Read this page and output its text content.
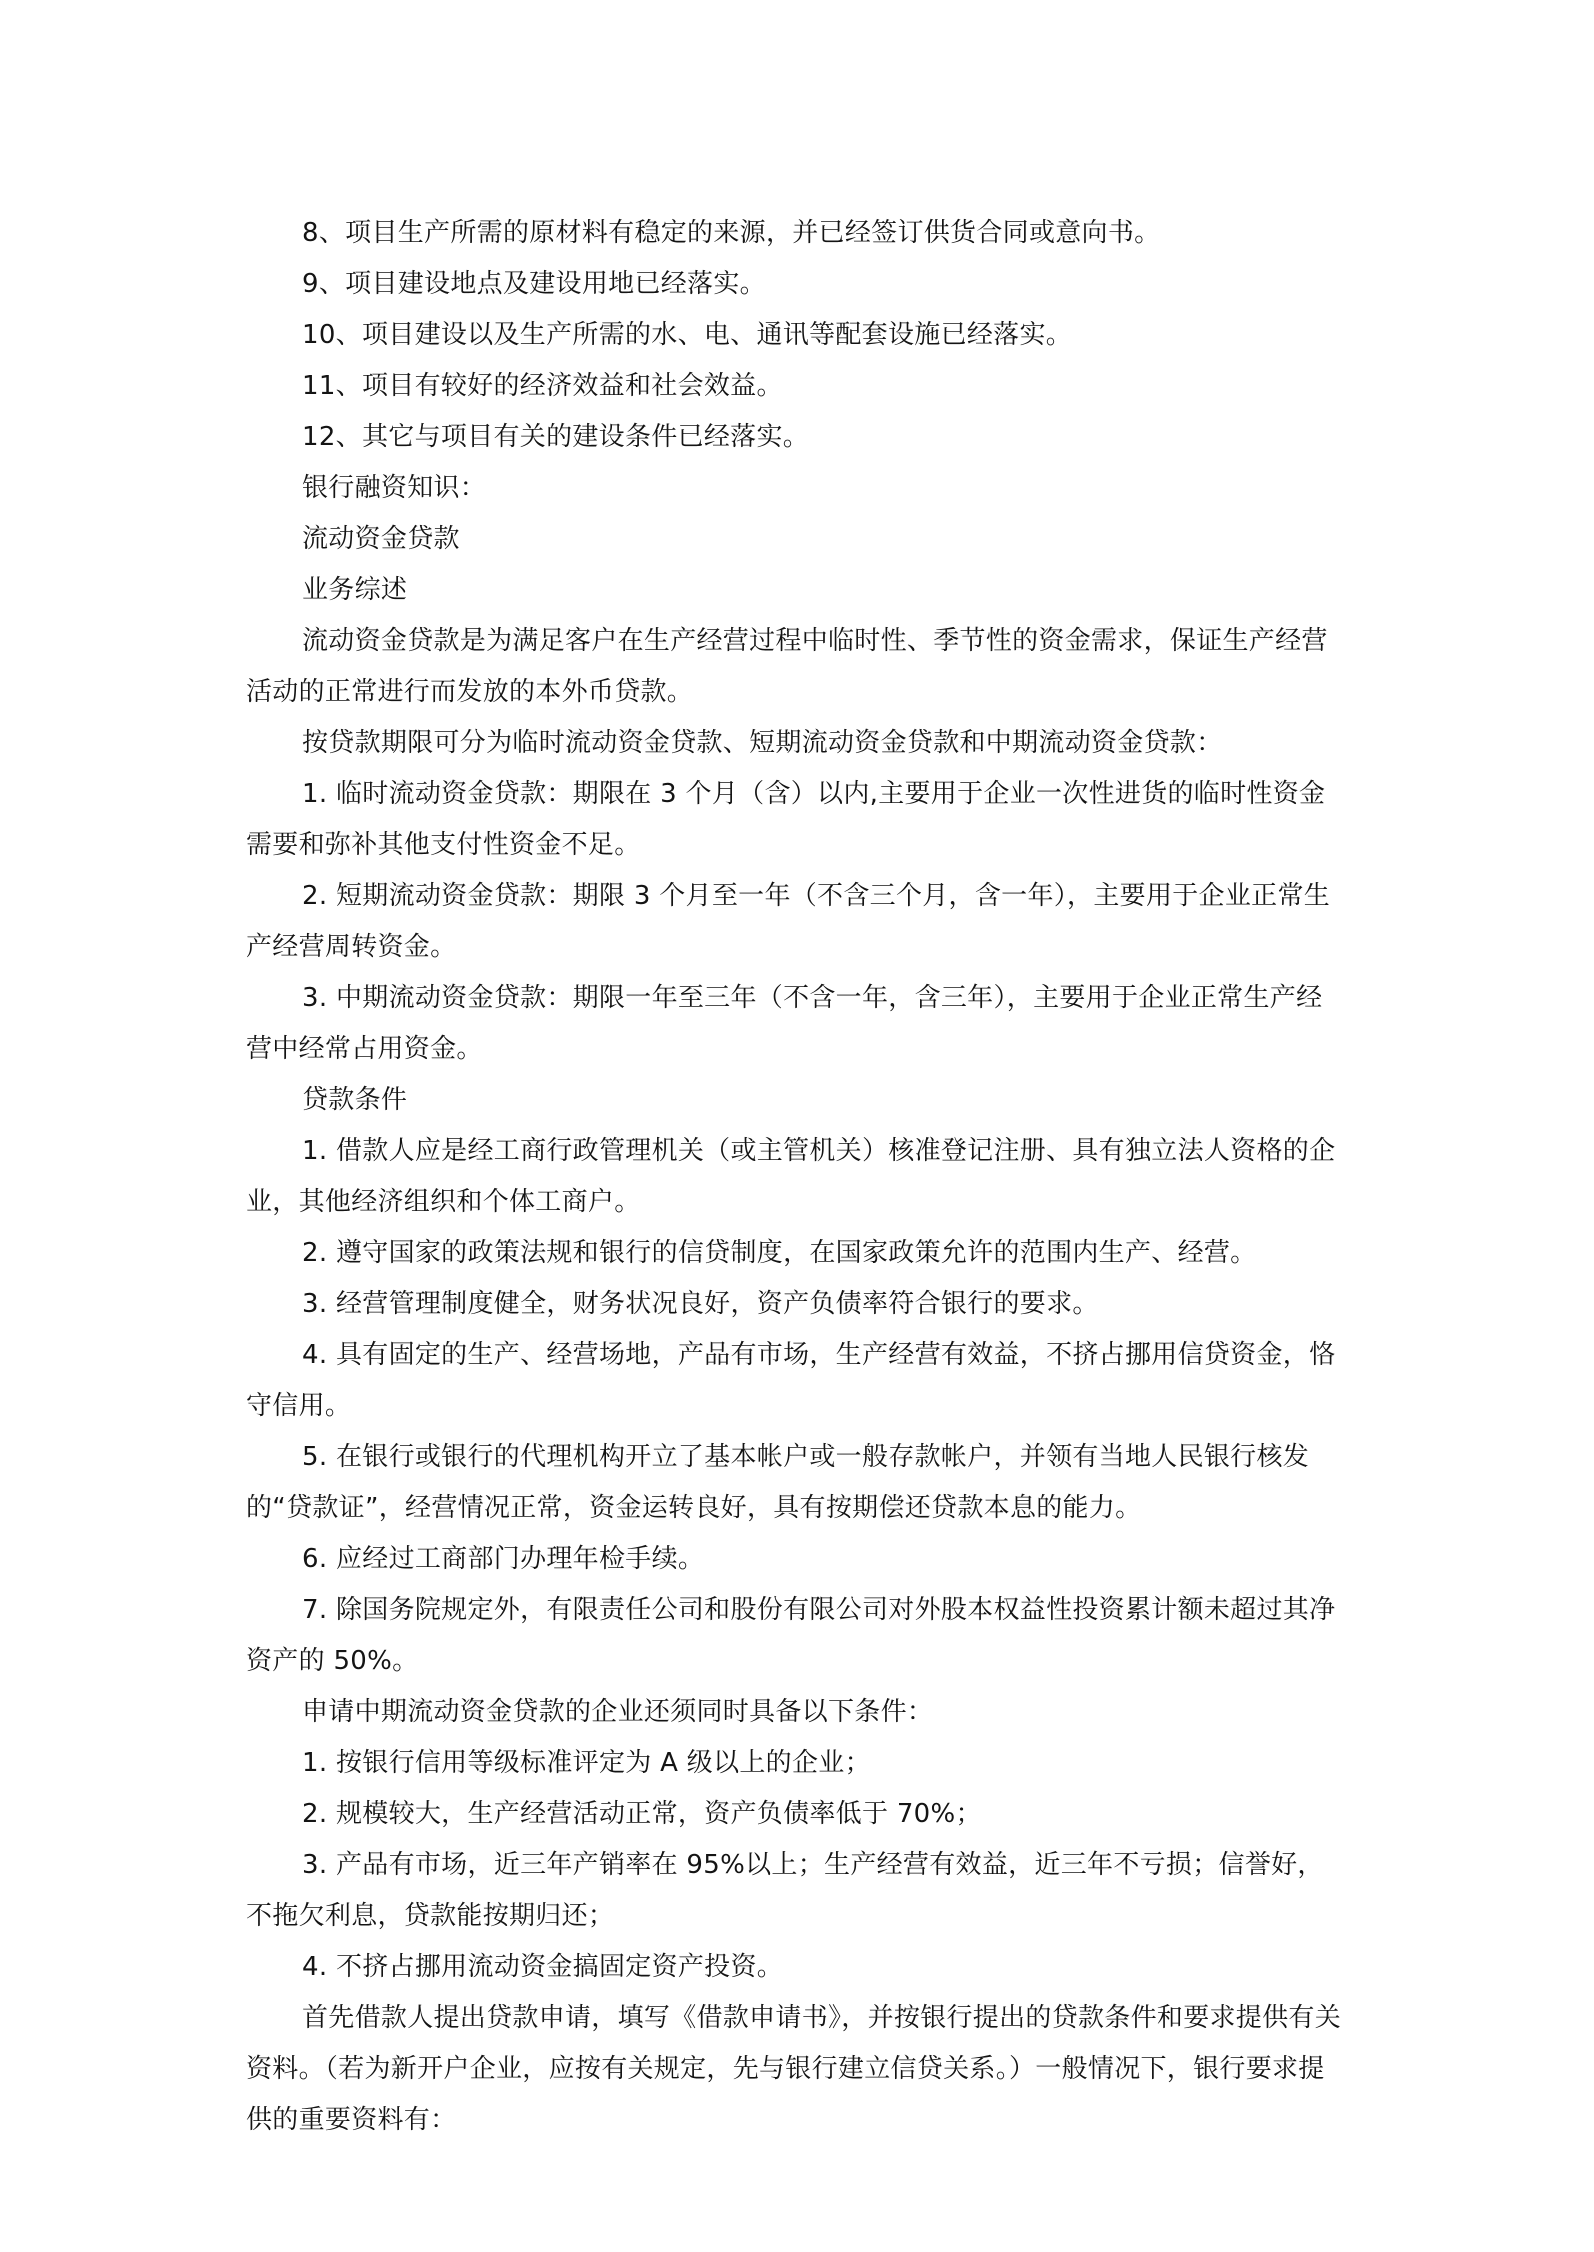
8、项目生产所需的原材料有稳定的来源，并已经签订供货合同或意向书。

9、项目建设地点及建设用地已经落实。

10、项目建设以及生产所需的水、电、通讯等配套设施已经落实。

11、项目有较好的经济效益和社会效益。

12、其它与项目有关的建设条件已经落实。

银行融资知识：

流动资金贷款

业务综述

流动资金贷款是为满足客户在生产经营过程中临时性、季节性的资金需求，保证生产经营活动的正常进行而发放的本外币贷款。

按贷款期限可分为临时流动资金贷款、短期流动资金贷款和中期流动资金贷款：

1. 临时流动资金贷款：期限在 3 个月（含）以内,主要用于企业一次性进货的临时性资金需要和弥补其他支付性资金不足。

2. 短期流动资金贷款：期限 3 个月至一年（不含三个月，含一年），主要用于企业正常生产经营周转资金。

3. 中期流动资金贷款：期限一年至三年（不含一年，含三年），主要用于企业正常生产经营中经常占用资金。

贷款条件

1. 借款人应是经工商行政管理机关（或主管机关）核准登记注册、具有独立法人资格的企业，其他经济组织和个体工商户。

2. 遵守国家的政策法规和银行的信贷制度，在国家政策允许的范围内生产、经营。

3. 经营管理制度健全，财务状况良好，资产负债率符合银行的要求。

4. 具有固定的生产、经营场地，产品有市场，生产经营有效益，不挤占挪用信贷资金，恪守信用。

5. 在银行或银行的代理机构开立了基本帐户或一般存款帐户，并领有当地人民银行核发的“贷款证”，经营情况正常，资金运转良好，具有按期偿还贷款本息的能力。

6. 应经过工商部门办理年检手续。

7. 除国务院规定外，有限责任公司和股份有限公司对外股本权益性投资累计额未超过其净资产的 50%。

申请中期流动资金贷款的企业还须同时具备以下条件：

1. 按银行信用等级标准评定为 A 级以上的企业；

2. 规模较大，生产经营活动正常，资产负债率低于 70%；

3. 产品有市场，近三年产销率在 95%以上；生产经营有效益，近三年不亏损；信誉好，不拖欠利息，贷款能按期归还；

4. 不挤占挪用流动资金搞固定资产投资。

首先借款人提出贷款申请，填写《借款申请书》，并按银行提出的贷款条件和要求提供有关资料。（若为新开户企业，应按有关规定，先与银行建立信贷关系。）一般情况下，银行要求提供的重要资料有：
